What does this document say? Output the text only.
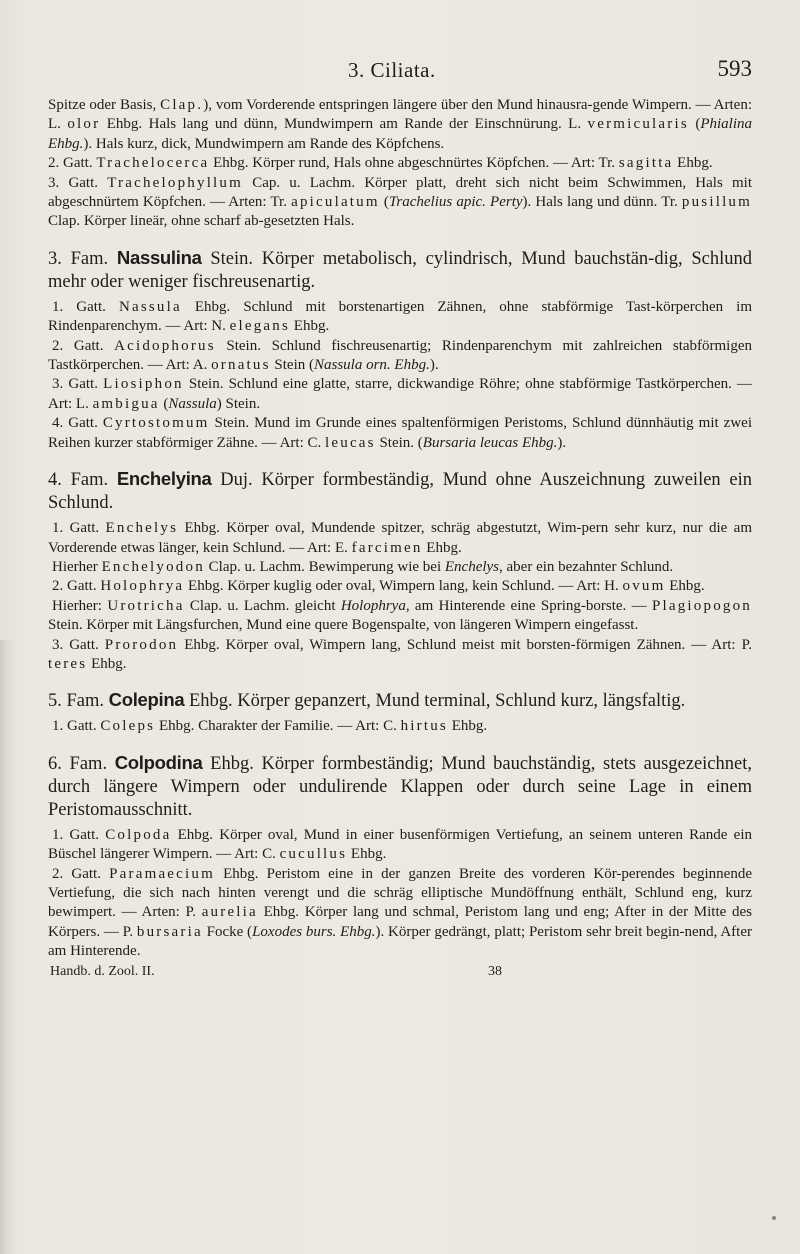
3. Ciliata.	593

Spitze oder Basis, Clap.), vom Vorderende entspringen längere über den Mund hinausra-gende Wimpern. — Arten: L. olor Ehbg. Hals lang und dünn, Mundwimpern am Rande der Einschnürung. L. vermicularis (Phialina Ehbg.). Hals kurz, dick, Mundwimpern am Rande des Köpfchens.

2. Gatt. Trachelocerca Ehbg. Körper rund, Hals ohne abgeschnürtes Köpfchen. — Art: Tr. sagitta Ehbg.

3. Gatt. Trachelophyllum Cap. u. Lachm. Körper platt, dreht sich nicht beim Schwimmen, Hals mit abgeschnürtem Köpfchen. — Arten: Tr. apiculatum (Trachelius apic. Perty). Hals lang und dünn. Tr. pusillum Clap. Körper lineär, ohne scharf ab-gesetzten Hals.

3. Fam. Nassulina Stein. Körper metabolisch, cylindrisch, Mund bauchstän-dig, Schlund mehr oder weniger fischreusenartig.

1. Gatt. Nassula Ehbg. Schlund mit borstenartigen Zähnen, ohne stabförmige Tast-körperchen im Rindenparenchym. — Art: N. elegans Ehbg.

2. Gatt. Acidophorus Stein. Schlund fischreusenartig; Rindenparenchym mit zahlreichen stabförmigen Tastkörperchen. — Art: A. ornatus Stein (Nassula orn. Ehbg.).

3. Gatt. Liosiphon Stein. Schlund eine glatte, starre, dickwandige Röhre; ohne stabförmige Tastkörperchen. — Art: L. ambigua (Nassula) Stein.

4. Gatt. Cyrtostomum Stein. Mund im Grunde eines spaltenförmigen Peristoms, Schlund dünnhäutig mit zwei Reihen kurzer stabförmiger Zähne. — Art: C. leucas Stein. (Bursaria leucas Ehbg.).

4. Fam. Enchelyina Duj. Körper formbeständig, Mund ohne Auszeichnung zuweilen ein Schlund.

1. Gatt. Enchelys Ehbg. Körper oval, Mundende spitzer, schräg abgestutzt, Wim-pern sehr kurz, nur die am Vorderende etwas länger, kein Schlund. — Art: E. farcimen Ehbg.

Hierher Enchelyodon Clap. u. Lachm. Bewimperung wie bei Enchelys, aber ein bezahnter Schlund.

2. Gatt. Holophrya Ehbg. Körper kuglig oder oval, Wimpern lang, kein Schlund. — Art: H. ovum Ehbg.

Hierher: Urotricha Clap. u. Lachm. gleicht Holophrya, am Hinterende eine Spring-borste. — Plagiopogon Stein. Körper mit Längsfurchen, Mund eine quere Bogenspalte, von längeren Wimpern eingefasst.

3. Gatt. Prorodon Ehbg. Körper oval, Wimpern lang, Schlund meist mit borsten-förmigen Zähnen. — Art: P. teres Ehbg.

5. Fam. Colepina Ehbg. Körper gepanzert, Mund terminal, Schlund kurz, längsfaltig.

1. Gatt. Coleps Ehbg. Charakter der Familie. — Art: C. hirtus Ehbg.

6. Fam. Colpodina Ehbg. Körper formbeständig; Mund bauchständig, stets ausgezeichnet, durch längere Wimpern oder undulirende Klappen oder durch seine Lage in einem Peristomausschnitt.

1. Gatt. Colpoda Ehbg. Körper oval, Mund in einer busenförmigen Vertiefung, an seinem unteren Rande ein Büschel längerer Wimpern. — Art: C. cucullus Ehbg.

2. Gatt. Paramaecium Ehbg. Peristom eine in der ganzen Breite des vorderen Kör-perendes beginnende Vertiefung, die sich nach hinten verengt und die schräg elliptische Mundöffnung enthält, Schlund eng, kurz bewimpert. — Arten: P. aurelia Ehbg. Körper lang und schmal, Peristom lang und eng; After in der Mitte des Körpers. — P. bursaria Focke (Loxodes burs. Ehbg.). Körper gedrängt, platt; Peristom sehr breit begin-nend, After am Hinterende.

Handb. d. Zool. II.	38
